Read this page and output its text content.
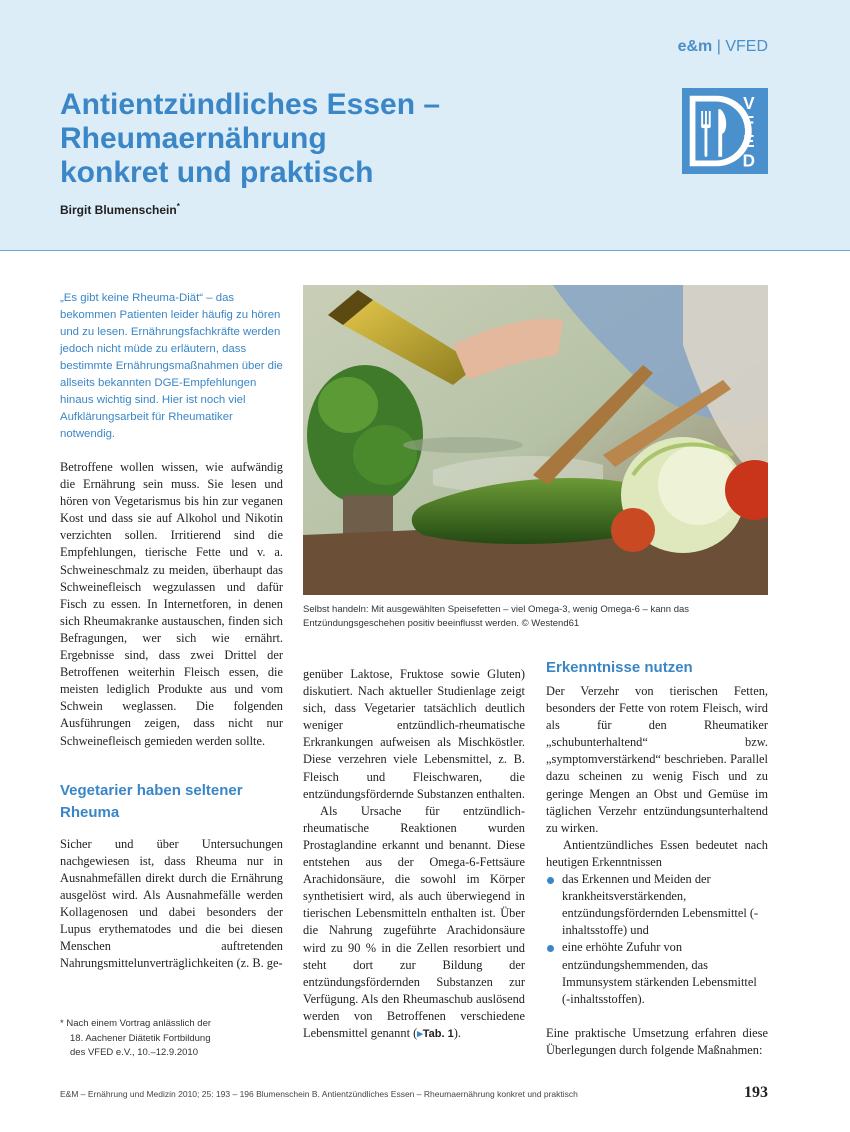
e&m | VFED
Antientzündliches Essen –
Rheumaernährung
konkret und praktisch
Birgit Blumenschein*
V
F
E
D

„Es gibt keine Rheuma-Diät“ – das bekommen Patienten leider häufig zu hören und zu lesen. Ernährungsfachkräfte werden jedoch nicht müde zu erläutern, dass bestimmte Ernährungsmaßnahmen über die allseits bekannten DGE-Empfehlungen hinaus wichtig sind. Hier ist noch viel Aufklärungsarbeit für Rheumatiker notwendig.

Betroffene wollen wissen, wie aufwändig die Ernährung sein muss. Sie lesen und hören von Vegetarismus bis hin zur veganen Kost und dass sie auf Alkohol und Nikotin verzichten sollen. Irritierend sind die Empfehlungen, tierische Fette und v. a. Schweineschmalz zu meiden, überhaupt das Schweinefleisch wegzulassen und dafür Fisch zu essen. In Internetforen, in denen sich Rheumakranke austauschen, finden sich Befragungen, wer sich wie ernährt. Ergebnisse sind, dass zwei Drittel der Betroffenen weiterhin Fleisch essen, die meisten lediglich Produkte aus und vom Schwein weglassen. Die folgenden Ausführungen zeigen, dass nicht nur Schweinefleisch gemieden werden sollte.

Vegetarier haben seltener Rheuma

Sicher und über Untersuchungen nachgewiesen ist, dass Rheuma nur in Ausnahmefällen direkt durch die Ernährung ausgelöst wird. Als Ausnahmefälle werden Kollagenosen und dabei besonders der Lupus erythematodes und die bei diesen Menschen auftretenden Nahrungsmittelunverträglichkeiten (z. B. ge-

* Nach einem Vortrag anlässlich der
18. Aachener Diätetik Fortbildung
des VFED e.V., 10.–12.9.2010
Selbst handeln: Mit ausgewählten Speisefetten – viel Omega-3, wenig Omega-6 – kann das Entzündungsgeschehen positiv beeinflusst werden. © Westend61

genüber Laktose, Fruktose sowie Gluten) diskutiert. Nach aktueller Studienlage zeigt sich, dass Vegetarier tatsächlich deutlich weniger entzündlich-rheumatische Erkrankungen aufweisen als Mischköstler. Diese verzehren viele Lebensmittel, z. B. Fleisch und Fleischwaren, die entzündungsfördernde Substanzen enthalten.

Als Ursache für entzündlich-rheumatische Reaktionen wurden Prostaglandine erkannt und benannt. Diese entstehen aus der Omega-6-Fettsäure Arachidonsäure, die sowohl im Körper synthetisiert wird, als auch überwiegend in tierischen Lebensmitteln enthalten ist. Über die Nahrung zugeführte Arachidonsäure wird zu 90 % in die Zellen resorbiert und steht dort zur Bildung der entzündungsfördernden Substanzen zur Verfügung. Als den Rheumaschub auslösend werden von Betroffenen verschiedene Lebensmittel genannt (▸Tab. 1).

Erkenntnisse nutzen

Der Verzehr von tierischen Fetten, besonders der Fette von rotem Fleisch, wird als für den Rheumatiker „schubunterhaltend“ bzw. „symptomverstärkend“ beschrieben. Parallel dazu scheinen zu wenig Fisch und zu geringe Mengen an Obst und Gemüse im täglichen Verzehr entzündungsunterhaltend zu wirken.

Antientzündliches Essen bedeutet nach heutigen Erkenntnissen

das Erkennen und Meiden der krankheitsverstärkenden, entzündungsfördernden Lebensmittel (-inhaltsstoffe) und
eine erhöhte Zufuhr von entzündungshemmenden, das Immunsystem stärkenden Lebensmittel (-inhaltsstoffen).

Eine praktische Umsetzung erfahren diese Überlegungen durch folgende Maßnahmen:

E&M – Ernährung und Medizin 2010; 25: 193 – 196 Blumenschein B. Antientzündliches Essen – Rheumaernährung konkret und praktisch	193
